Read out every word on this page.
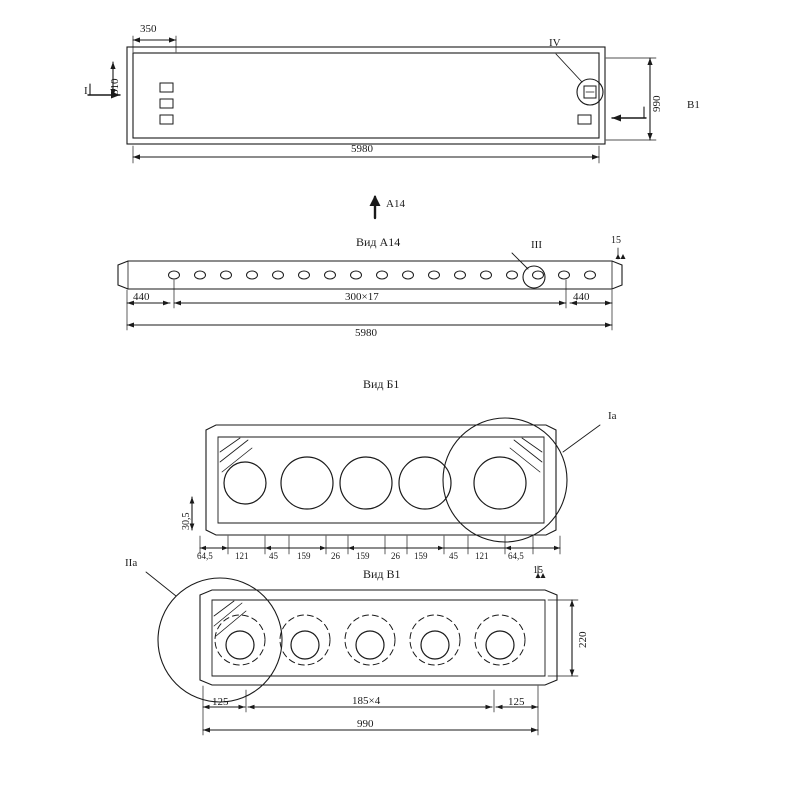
350
310
I
IV
В1
990
5980
А14
Вид А14	III	15
440	300×17	440
5980
Вид Б1
Iа
30,5
64,5 121 45 159 26 159 26 159 45 121 64,5
15
Вид В1
IIа
220
125	185×4	125
990
